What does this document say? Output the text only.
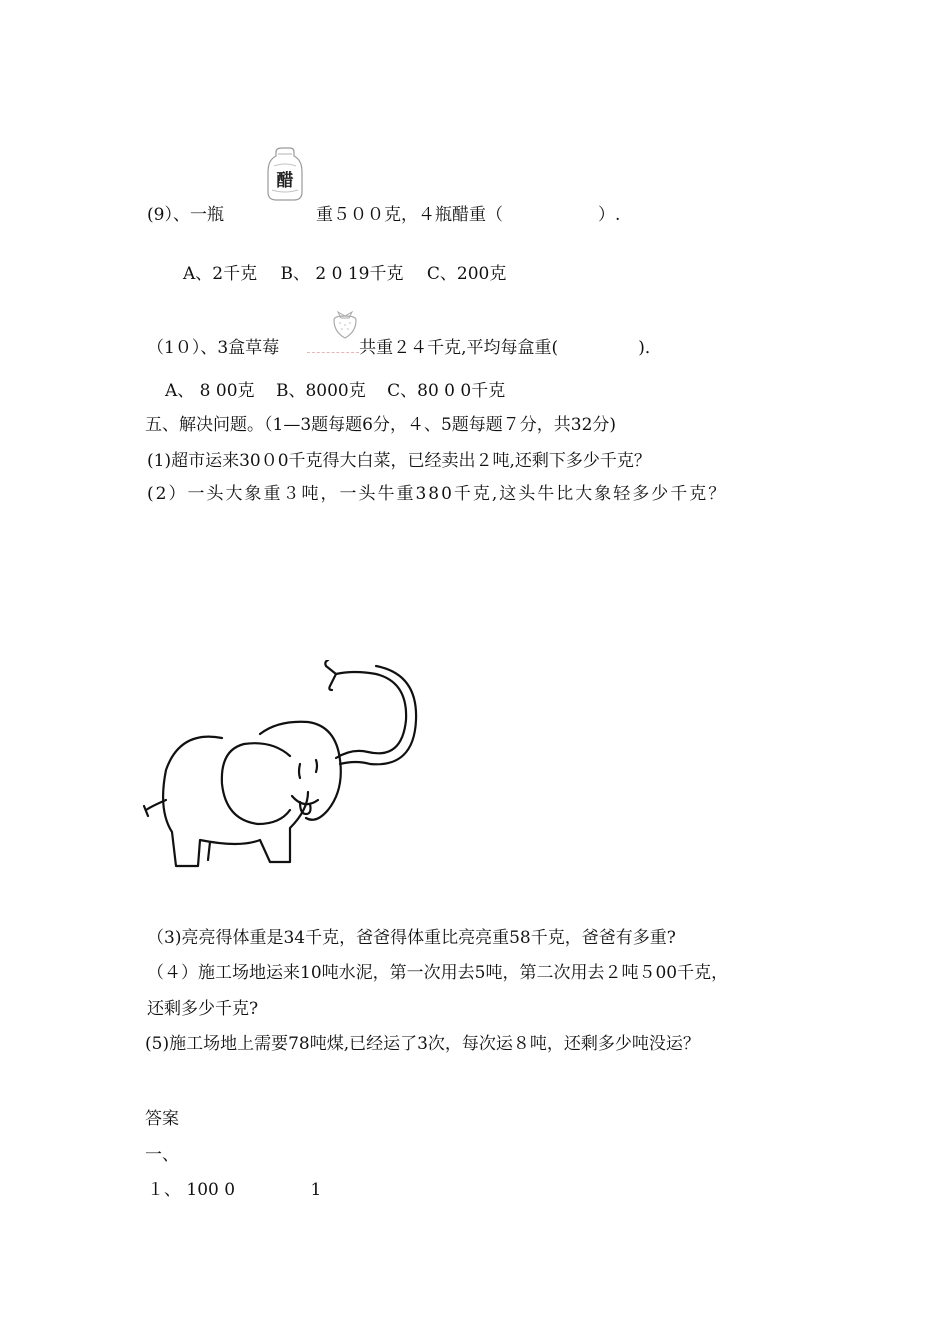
(9）、一瓶	重５００克，４瓶醋重（	）.
醋
A、2千克 B、 2 0 19千克 C、200克
（1０）、3盒草莓	共重２４千克,平均每盒重(	)．
A、 8 00克 B、8000克 C、80 0 0千克
五、解决问题。（1—3题每题6分，４、5题每题７分，共32分)
(1)超市运来30０0千克得大白菜，已经卖出２吨,还剩下多少千克？
(2）一头大象重３吨，一头牛重380千克,这头牛比大象轻多少千克？
（3)亮亮得体重是34千克，爸爸得体重比亮亮重58千克，爸爸有多重?
（４）施工场地运来10吨水泥，第一次用去5吨，第二次用去２吨５00千克，
还剩多少千克?
(5)施工场地上需要78吨煤,已经运了3次，每次运８吨，还剩多少吨没运？
答案
一、
１、 100 0	1
